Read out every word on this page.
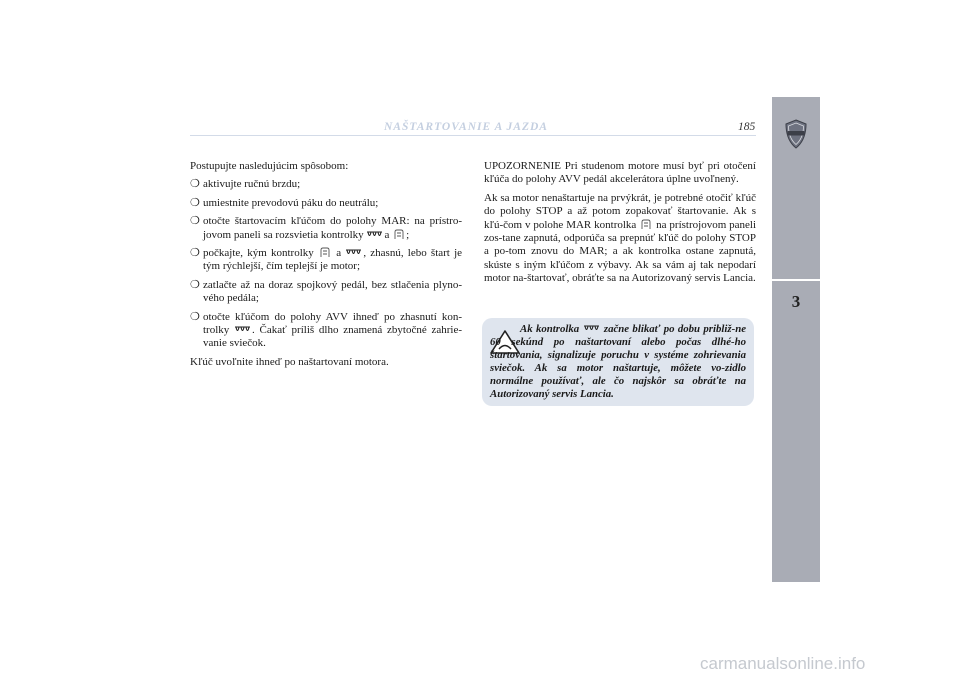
NAŠTARTOVANIE A JAZDA	185
3

Postupujte nasledujúcim spôsobom:

❍ aktivujte ručnú brzdu;
❍ umiestnite prevodovú páku do neutrálu;
❍ otočte štartovacím kľúčom do polohy MAR: na prístro-jovom paneli sa rozsvietia kontrolky a ;
❍ počkajte, kým kontrolky a , zhasnú, lebo štart je tým rýchlejší, čím teplejší je motor;
❍ zatlačte až na doraz spojkový pedál, bez stlačenia plyno-vého pedála;
❍ otočte kľúčom do polohy AVV ihneď po zhasnutí kon-trolky . Čakať príliš dlho znamená zbytočné zahrie-vanie sviečok.

Kľúč uvoľnite ihneď po naštartovaní motora.

UPOZORNENIE Pri studenom motore musí byť pri otočení kľúča do polohy AVV pedál akcelerátora úplne uvoľnený.

Ak sa motor nenaštartuje na prvýkrát, je potrebné otočiť kľúč do polohy STOP a až potom zopakovať štartovanie. Ak s kľú-čom v polohe MAR kontrolka na prístrojovom paneli zos-tane zapnutá, odporúča sa prepnúť kľúč do polohy STOP a po-tom znovu do MAR; a ak kontrolka ostane zapnutá, skúste s iným kľúčom z výbavy. Ak sa vám aj tak nepodarí motor na-štartovať, obráťte sa na Autorizovaný servis Lancia.

Ak kontrolka začne blikať po dobu približ-ne 60 sekúnd po naštartovaní alebo počas dlhé-ho štartovania, signalizuje poruchu v systéme zohrievania sviečok. Ak sa motor naštartuje, môžete vo-zidlo normálne používať, ale čo najskôr sa obráťte na Autorizovaný servis Lancia.
carmanualsonline.info
